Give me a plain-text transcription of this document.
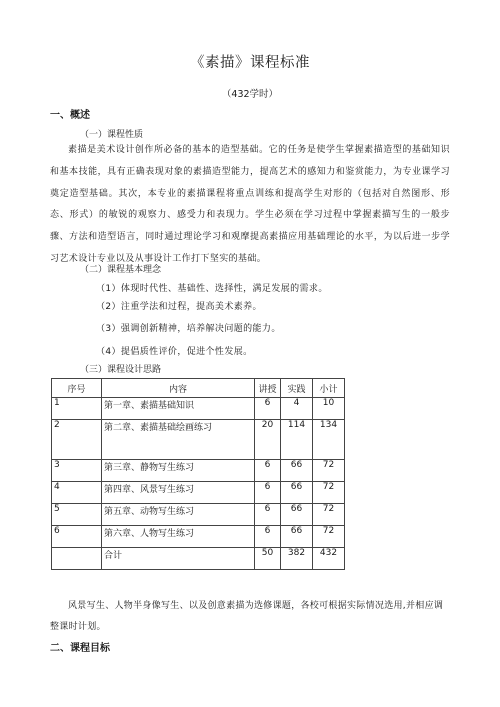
《素描》课程标准
（432学时）
一、概述
（一）课程性质

素描是美术设计创作所必备的基本的造型基础。它的任务是使学生掌握素描造型的基础知识和基本技能，具有正确表现对象的素描造型能力，提高艺术的感知力和鉴赏能力，为专业课学习奠定造型基础。其次，本专业的素描课程将重点训练和提高学生对形的（包括对自然图形、形态、形式）的敏锐的观察力、感受力和表现力。学生必须在学习过程中掌握素描写生的一般步骤、方法和造型语言，同时通过理论学习和观摩提高素描应用基础理论的水平，为以后进一步学习艺术设计专业以及从事设计工作打下坚实的基础。

（二）课程基本理念
（1）体现时代性、基础性、选择性，满足发展的需求。
（2）注重学法和过程，提高美术素养。
（3）强调创新精神，培养解决问题的能力。
（4）提倡质性评价，促进个性发展。
（三）课程设计思路
序号	内容	讲授	实践	小计
1	第一章、素描基础知识	6	4	10
2	第二章、素描基础绘画练习	20	114	134
3	第三章、静物写生练习	6	66	72
4	第四章、风景写生练习	6	66	72
5	第五章、动物写生练习	6	66	72
6	第六章、人物写生练习	6	66	72
	合计	50	382	432

风景写生、人物半身像写生、以及创意素描为选修课题，各校可根据实际情况选用,并相应调整课时计划。

二、课程目标
